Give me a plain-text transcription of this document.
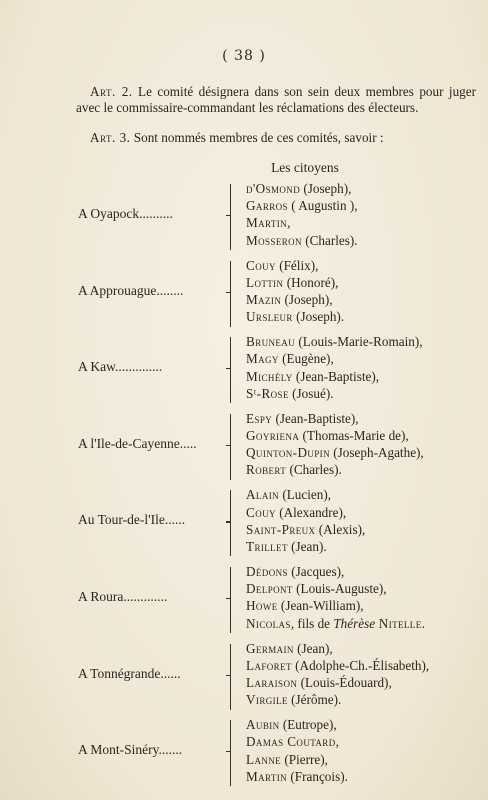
( 38 )
Art. 2. Le comité désignera dans son sein deux membres pour juger avec le commissaire-commandant les réclamations des électeurs.
Art. 3. Sont nommés membres de ces comités, savoir :
Les citoyens
A Oyapock..........
d'Osmond (Joseph),
Garros ( Augustin ),
Martin,
Mosseron (Charles).
A Approuague........
Couy (Félix),
Lottin (Honoré),
Mazin (Joseph),
Ursleur (Joseph).
A Kaw..............
Bruneau (Louis-Marie-Romain),
Magy (Eugène),
Michély (Jean-Baptiste),
Sᵗ-Rose (Josué).
A l'Ile-de-Cayenne.....
Espy (Jean-Baptiste),
Goyriena (Thomas-Marie de),
Quinton-Dupin (Joseph-Agathe),
Robert (Charles).
Au Tour-de-l'Ile......
Alain (Lucien),
Couy (Alexandre),
Saint-Preux (Alexis),
Trillet (Jean).
A Roura.............
Dédons (Jacques),
Delpont (Louis-Auguste),
Howe (Jean-William),
Nicolas, fils de Thérèse Nitelle.
A Tonnégrande......
Germain (Jean),
Laforet (Adolphe-Ch.-Élisabeth),
Laraison (Louis-Édouard),
Virgile (Jérôme).
A Mont-Sinéry.......
Aubin (Eutrope),
Damas Coutard,
Lanne (Pierre),
Martin (François).
